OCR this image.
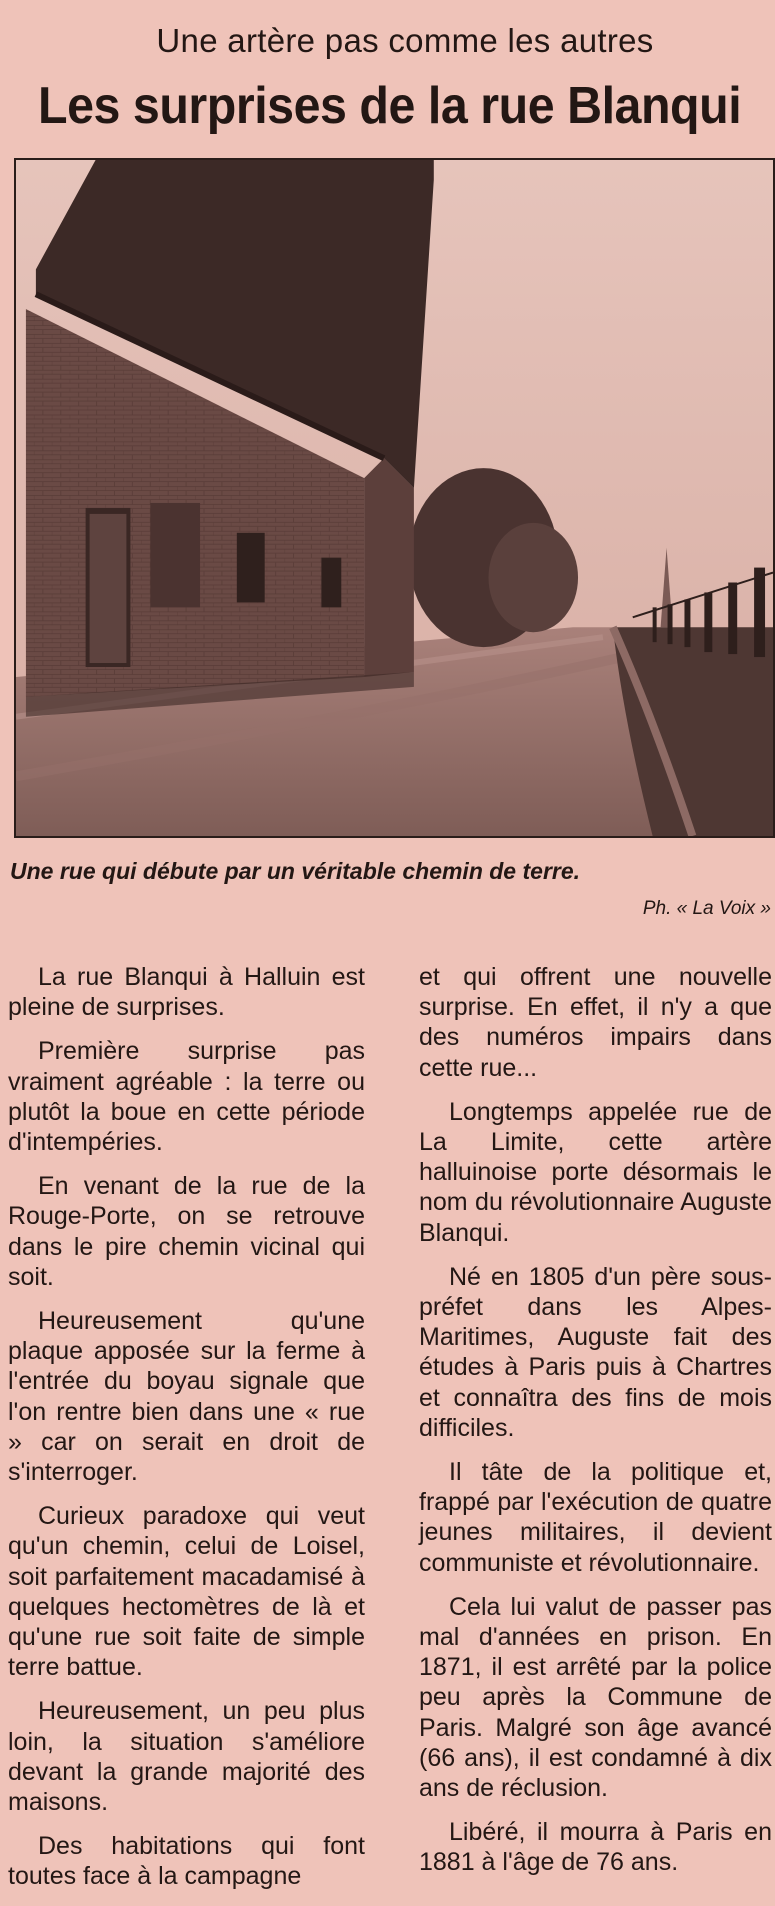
Une artère pas comme les autres
Les surprises de la rue Blanqui
Une rue qui débute par un véritable chemin de terre.
Ph. « La Voix »

La rue Blanqui à Halluin est pleine de surprises.

Première surprise pas vraiment agréable : la terre ou plutôt la boue en cette période d'intempéries.

En venant de la rue de la Rouge-Porte, on se retrouve dans le pire chemin vicinal qui soit.

Heureusement qu'une plaque apposée sur la ferme à l'entrée du boyau signale que l'on rentre bien dans une « rue » car on serait en droit de s'interroger.

Curieux paradoxe qui veut qu'un chemin, celui de Loisel, soit parfaitement macadamisé à quelques hectomètres de là et qu'une rue soit faite de simple terre battue.

Heureusement, un peu plus loin, la situation s'améliore devant la grande majorité des maisons.

Des habitations qui font toutes face à la campagne

et qui offrent une nouvelle surprise. En effet, il n'y a que des numéros impairs dans cette rue...

Longtemps appelée rue de La Limite, cette artère halluinoise porte désormais le nom du révolutionnaire Auguste Blanqui.

Né en 1805 d'un père sous-préfet dans les Alpes-Maritimes, Auguste fait des études à Paris puis à Chartres et connaîtra des fins de mois difficiles.

Il tâte de la politique et, frappé par l'exécution de quatre jeunes militaires, il devient communiste et révolutionnaire.

Cela lui valut de passer pas mal d'années en prison. En 1871, il est arrêté par la police peu après la Commune de Paris. Malgré son âge avancé (66 ans), il est condamné à dix ans de réclusion.

Libéré, il mourra à Paris en 1881 à l'âge de 76 ans.
